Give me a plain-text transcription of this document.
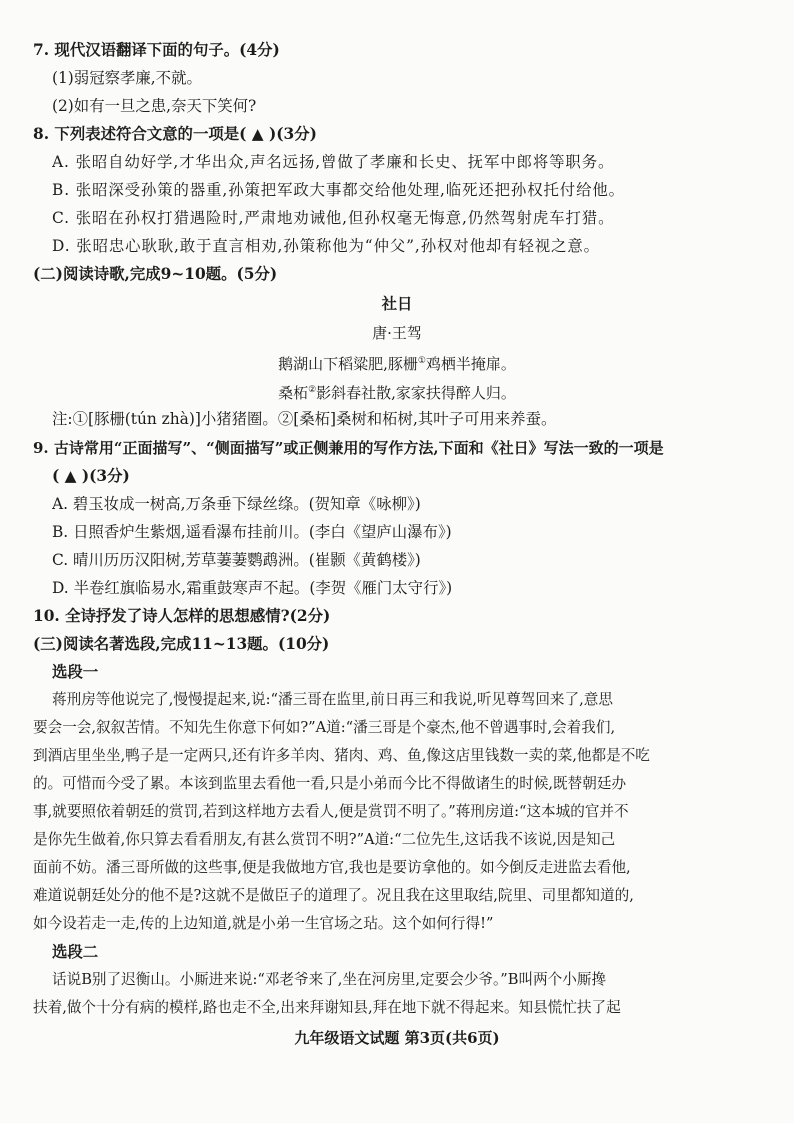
7. 现代汉语翻译下面的句子。(4分)
(1)弱冠察孝廉,不就。
(2)如有一旦之患,奈天下笑何?
8. 下列表述符合文意的一项是( ▲ )(3分)
A. 张昭自幼好学,才华出众,声名远扬,曾做了孝廉和长史、抚军中郎将等职务。
B. 张昭深受孙策的器重,孙策把军政大事都交给他处理,临死还把孙权托付给他。
C. 张昭在孙权打猎遇险时,严肃地劝诫他,但孙权毫无悔意,仍然驾射虎车打猎。
D. 张昭忠心耿耿,敢于直言相劝,孙策称他为“仲父”,孙权对他却有轻视之意。
(二)阅读诗歌,完成9~10题。(5分)
社日
唐·王驾
鹅湖山下稻粱肥,豚栅①鸡栖半掩扉。
桑柘②影斜春社散,家家扶得醉人归。
注:①[豚栅(tún zhà)]小猪猪圈。②[桑柘]桑树和柘树,其叶子可用来养蚕。
9. 古诗常用“正面描写”、“侧面描写”或正侧兼用的写作方法,下面和《社日》写法一致的一项是
( ▲ )(3分)
A. 碧玉妆成一树高,万条垂下绿丝绦。(贺知章《咏柳》)
B. 日照香炉生紫烟,遥看瀑布挂前川。(李白《望庐山瀑布》)
C. 晴川历历汉阳树,芳草萋萋鹦鹉洲。(崔颢《黄鹤楼》)
D. 半卷红旗临易水,霜重鼓寒声不起。(李贺《雁门太守行》)
10. 全诗抒发了诗人怎样的思想感情?(2分)
(三)阅读名著选段,完成11~13题。(10分)
选段一
蒋刑房等他说完了,慢慢提起来,说:“潘三哥在监里,前日再三和我说,听见尊驾回来了,意思
要会一会,叙叙苦情。不知先生你意下何如?”A道:“潘三哥是个豪杰,他不曾遇事时,会着我们,
到酒店里坐坐,鸭子是一定两只,还有许多羊肉、猪肉、鸡、鱼,像这店里钱数一卖的菜,他都是不吃
的。可惜而今受了累。本该到监里去看他一看,只是小弟而今比不得做诸生的时候,既替朝廷办
事,就要照依着朝廷的赏罚,若到这样地方去看人,便是赏罚不明了。”蒋刑房道:“这本城的官并不
是你先生做着,你只算去看看朋友,有甚么赏罚不明?”A道:“二位先生,这话我不该说,因是知己
面前不妨。潘三哥所做的这些事,便是我做地方官,我也是要访拿他的。如今倒反走进监去看他,
难道说朝廷处分的他不是?这就不是做臣子的道理了。况且我在这里取结,院里、司里都知道的,
如今设若走一走,传的上边知道,就是小弟一生官场之玷。这个如何行得!”
选段二
话说B别了迟衡山。小厮进来说:“邓老爷来了,坐在河房里,定要会少爷。”B叫两个小厮搀
扶着,做个十分有病的模样,路也走不全,出来拜谢知县,拜在地下就不得起来。知县慌忙扶了起
九年级语文试题 第3页(共6页)
